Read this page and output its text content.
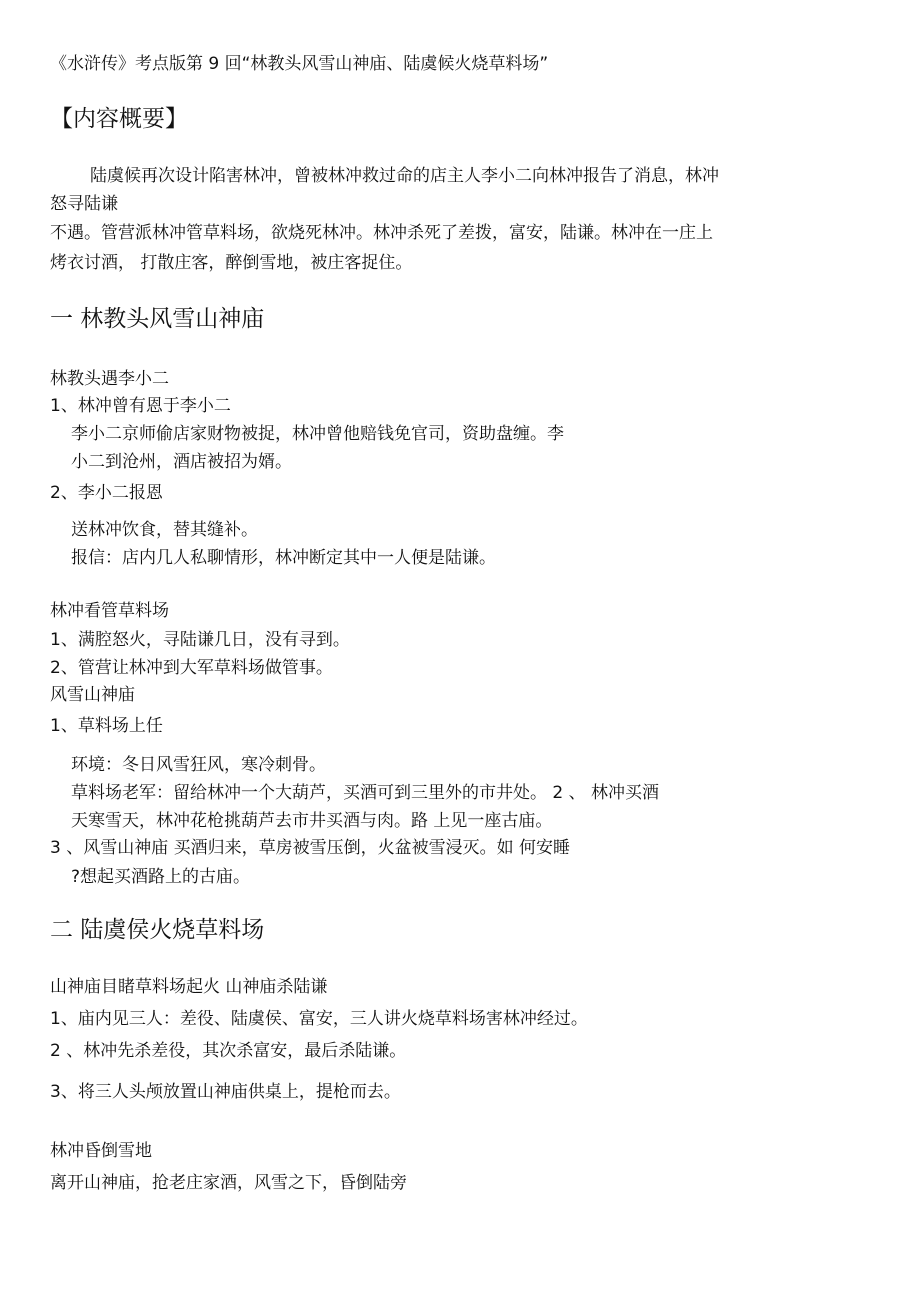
《水浒传》考点版第 9 回“林教头风雪山神庙、陆虞候火烧草料场”
【内容概要】
陆虞候再次设计陷害林冲，曾被林冲救过命的店主人李小二向林冲报告了消息，林冲
怒寻陆谦
不遇。管营派林冲管草料场，欲烧死林冲。林冲杀死了差拨，富安，陆谦。林冲在一庄上
烤衣讨酒， 打散庄客，醉倒雪地，被庄客捉住。
一 林教头风雪山神庙
林教头遇李小二
1、林冲曾有恩于李小二
李小二京师偷店家财物被捉，林冲曾他赔钱免官司，资助盘缠。李
小二到沧州，酒店被招为婿。
2、李小二报恩
送林冲饮食，替其缝补。
报信：店内几人私聊情形，林冲断定其中一人便是陆谦。
林冲看管草料场
1、满腔怒火，寻陆谦几日，没有寻到。
2、管营让林冲到大军草料场做管事。
风雪山神庙
1、草料场上任
环境：冬日风雪狂风，寒冷刺骨。
草料场老军：留给林冲一个大葫芦，买酒可到三里外的市井处。 2 、 林冲买酒
天寒雪天，林冲花枪挑葫芦去市井买酒与肉。路 上见一座古庙。
3 、风雪山神庙 买酒归来，草房被雪压倒，火盆被雪浸灭。如 何安睡
?想起买酒路上的古庙。
二 陆虞侯火烧草料场
山神庙目睹草料场起火 山神庙杀陆谦
1、庙内见三人：差役、陆虞侯、富安，三人讲火烧草料场害林冲经过。
2 、林冲先杀差役，其次杀富安，最后杀陆谦。
3、将三人头颅放置山神庙供桌上，提枪而去。
林冲昏倒雪地
离开山神庙，抢老庄家酒，风雪之下，昏倒陆旁
